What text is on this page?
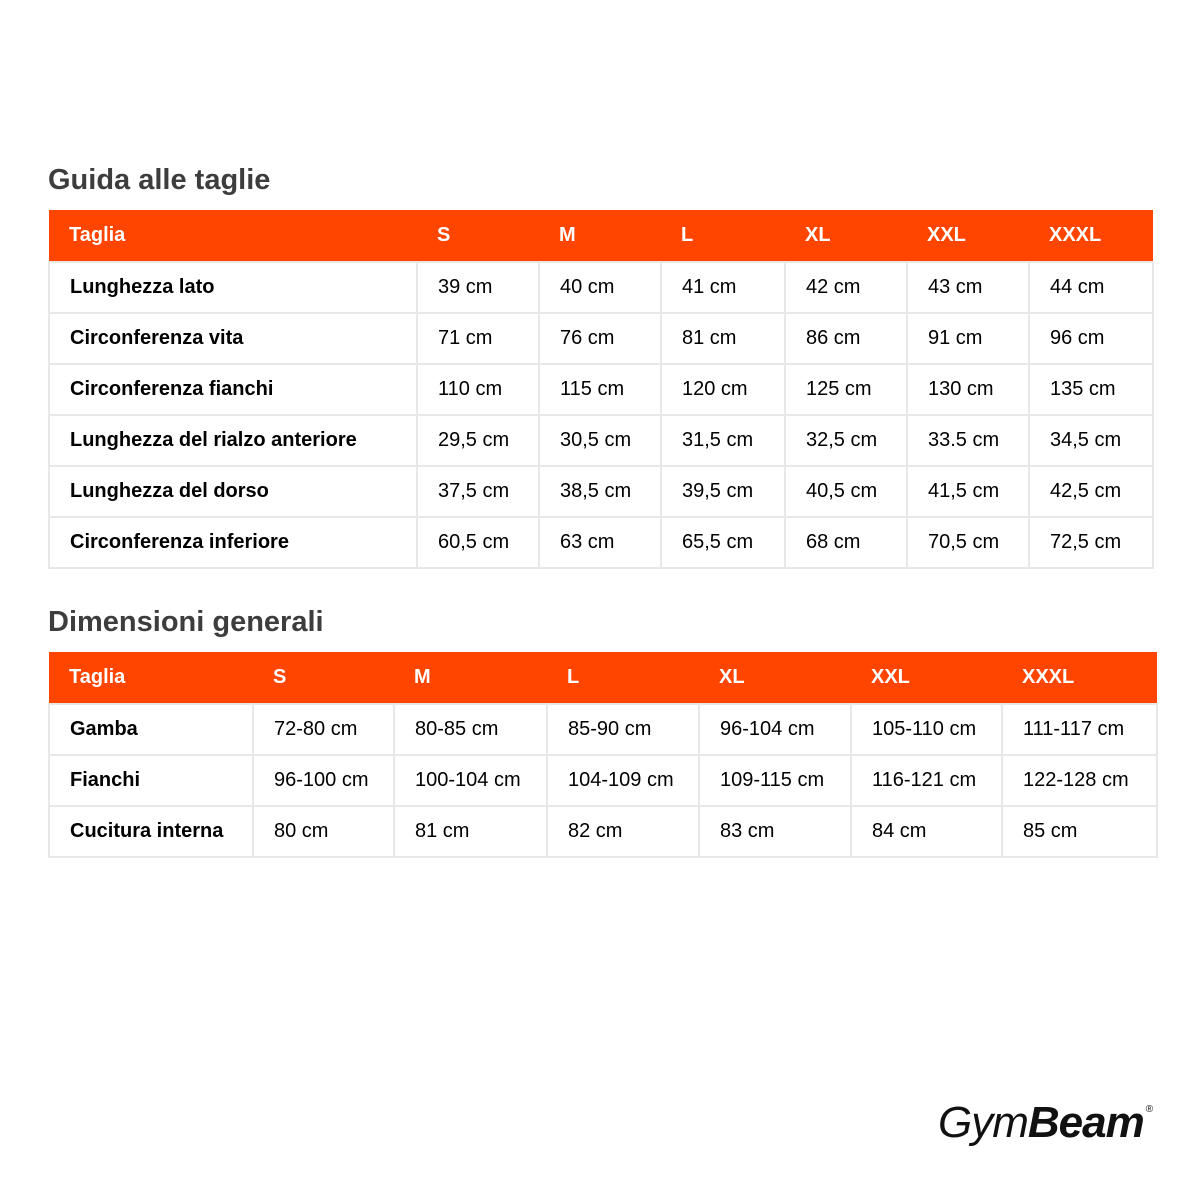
Guida alle taglie
Taglia	S	M	L	XL	XXL	XXXL
Lunghezza lato	39 cm	40 cm	41 cm	42 cm	43 cm	44 cm
Circonferenza vita	71 cm	76 cm	81 cm	86 cm	91 cm	96 cm
Circonferenza fianchi	110 cm	115 cm	120 cm	125 cm	130 cm	135 cm
Lunghezza del rialzo anteriore	29,5 cm	30,5 cm	31,5 cm	32,5 cm	33.5 cm	34,5 cm
Lunghezza del dorso	37,5 cm	38,5 cm	39,5 cm	40,5 cm	41,5 cm	42,5 cm
Circonferenza inferiore	60,5 cm	63 cm	65,5 cm	68 cm	70,5 cm	72,5 cm
Dimensioni generali
Taglia	S	M	L	XL	XXL	XXXL
Gamba	72-80 cm	80-85 cm	85-90 cm	96-104 cm	105-110 cm	111-117 cm
Fianchi	96-100 cm	100-104 cm	104-109 cm	109-115 cm	116-121 cm	122-128 cm
Cucitura interna	80 cm	81 cm	82 cm	83 cm	84 cm	85 cm
GymBeam ®
